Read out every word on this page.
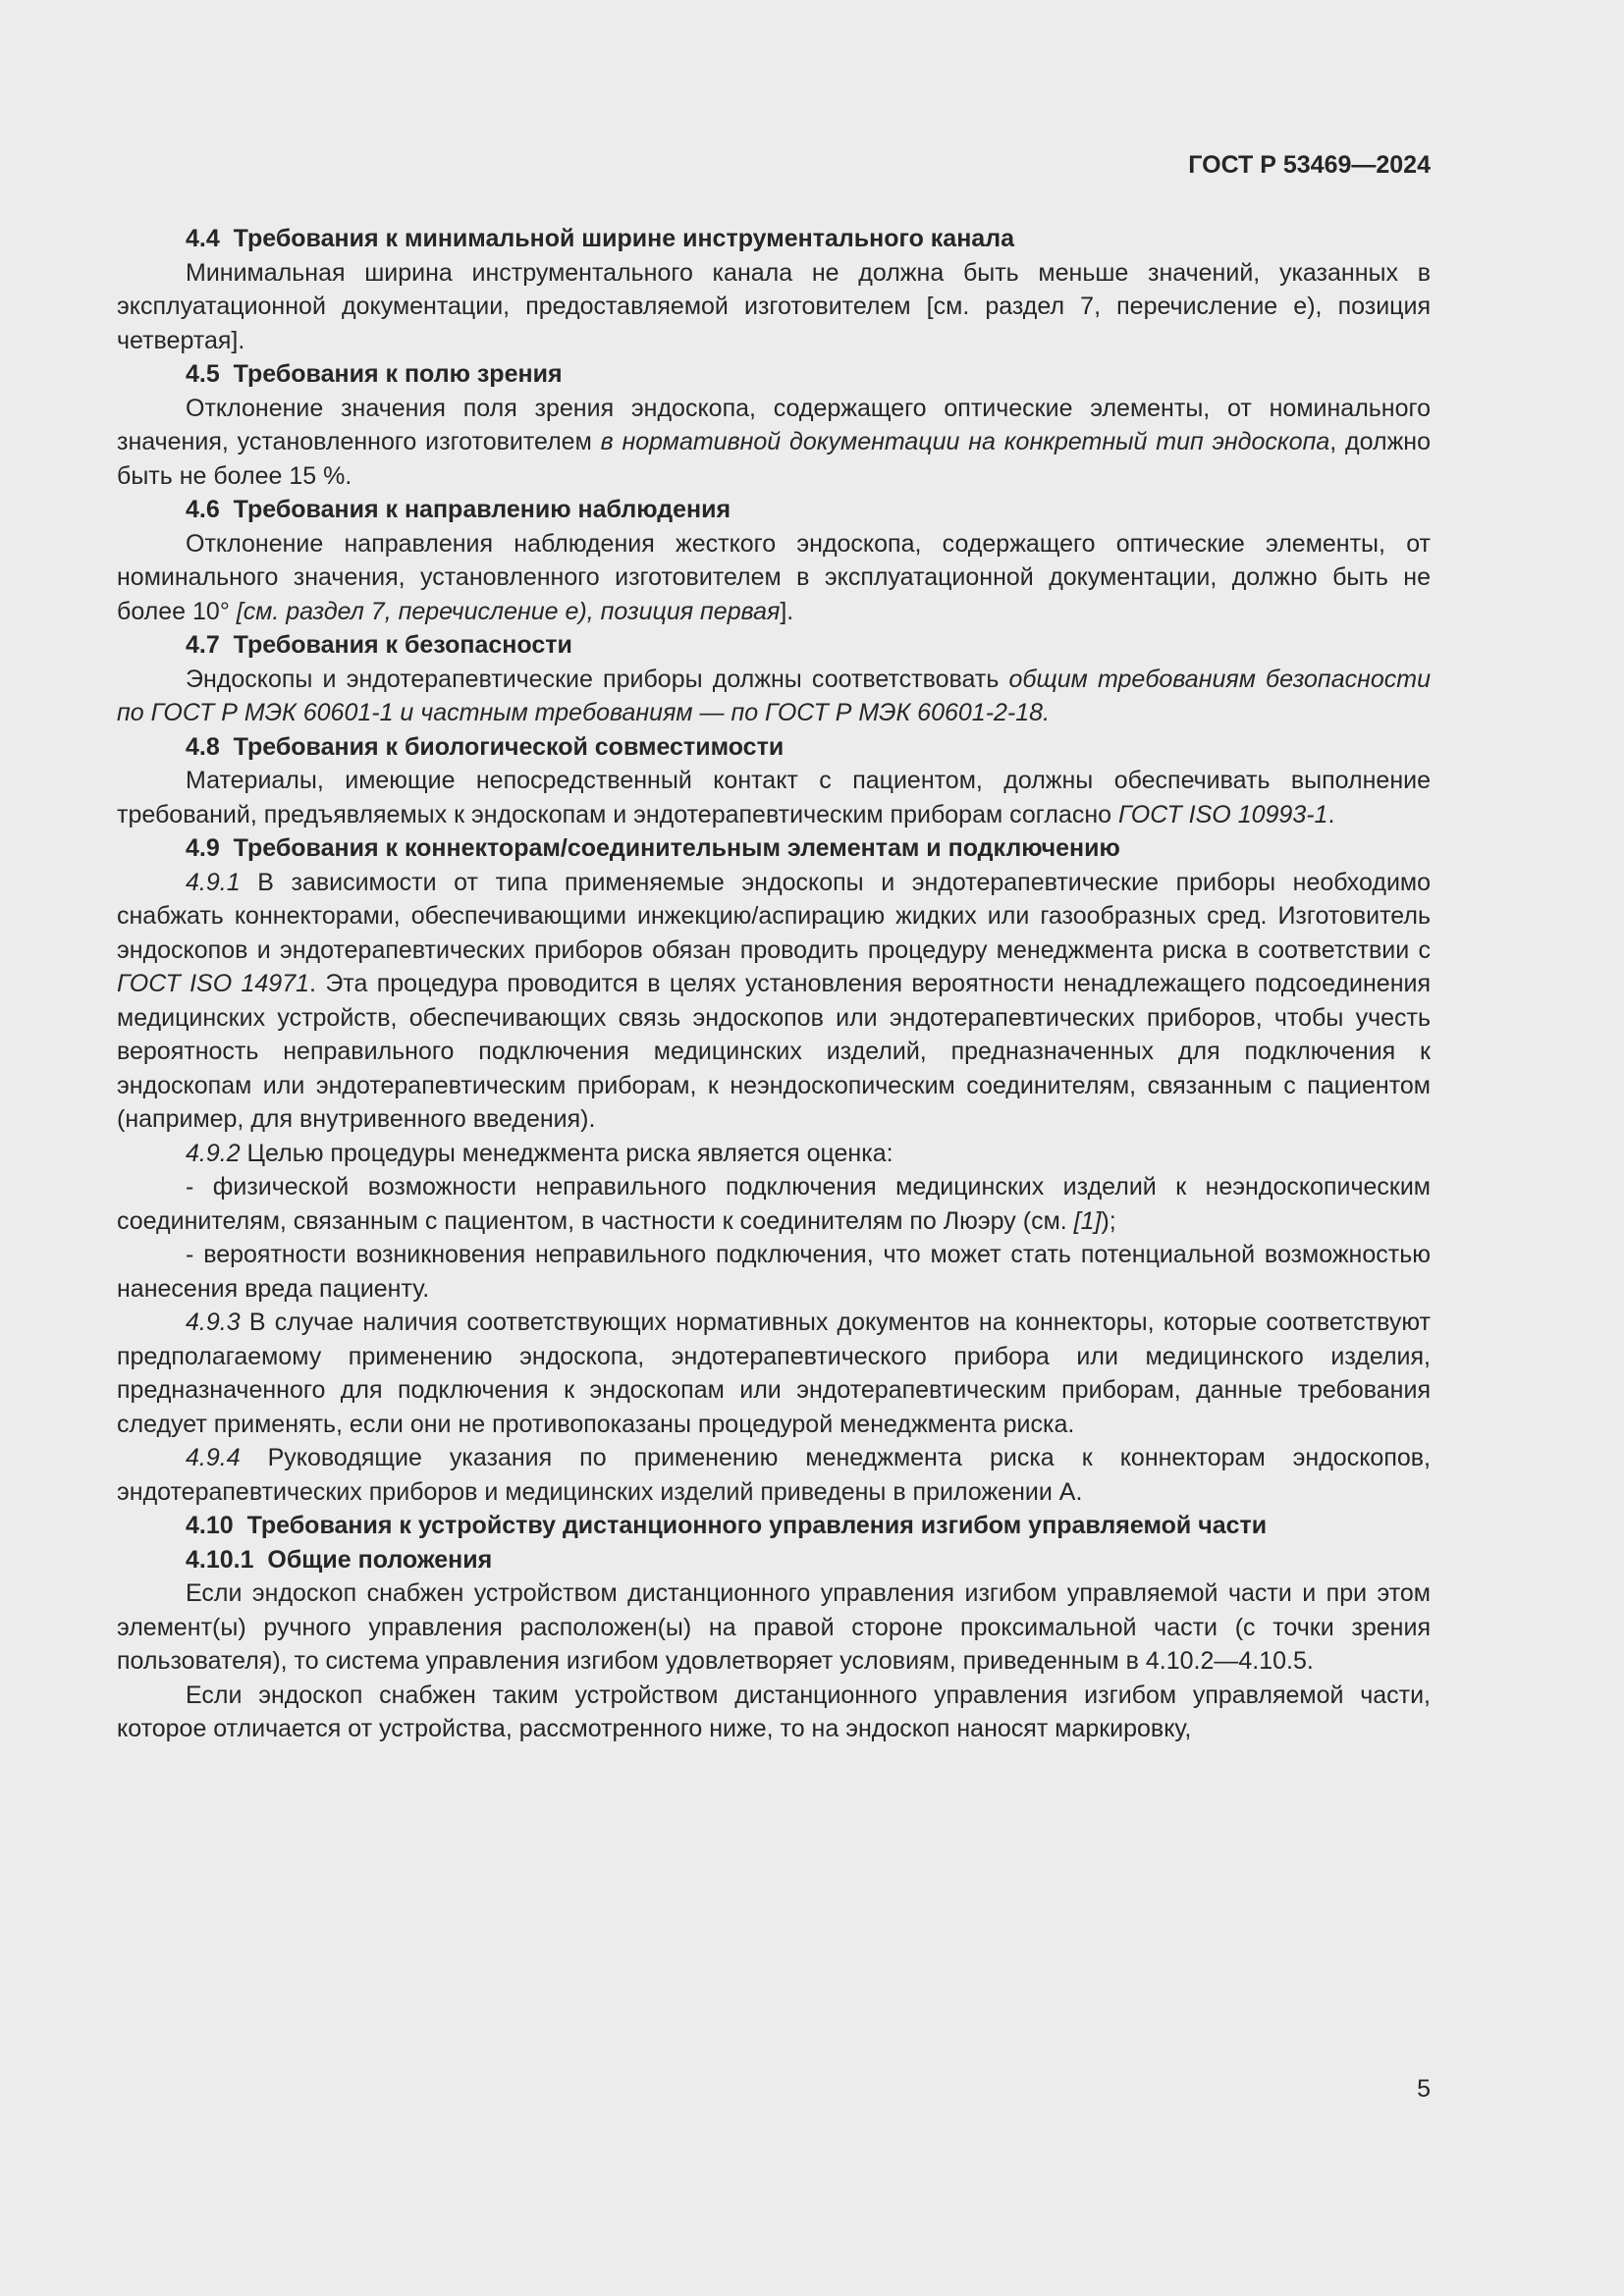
ГОСТ Р 53469—2024

4.4 Требования к минимальной ширине инструментального канала

Минимальная ширина инструментального канала не должна быть меньше значений, указанных в эксплуатационной документации, предоставляемой изготовителем [см. раздел 7, перечисление е), позиция четвертая].

4.5 Требования к полю зрения

Отклонение значения поля зрения эндоскопа, содержащего оптические элементы, от номинального значения, установленного изготовителем в нормативной документации на конкретный тип эндоскопа, должно быть не более 15 %.

4.6 Требования к направлению наблюдения

Отклонение направления наблюдения жесткого эндоскопа, содержащего оптические элементы, от номинального значения, установленного изготовителем в эксплуатационной документации, должно быть не более 10° [см. раздел 7, перечисление е), позиция первая].

4.7 Требования к безопасности

Эндоскопы и эндотерапевтические приборы должны соответствовать общим требованиям безопасности по ГОСТ Р МЭК 60601-1 и частным требованиям — по ГОСТ Р МЭК 60601-2-18.

4.8 Требования к биологической совместимости

Материалы, имеющие непосредственный контакт с пациентом, должны обеспечивать выполнение требований, предъявляемых к эндоскопам и эндотерапевтическим приборам согласно ГОСТ ISO 10993-1.

4.9 Требования к коннекторам/соединительным элементам и подключению

4.9.1 В зависимости от типа применяемые эндоскопы и эндотерапевтические приборы необходимо снабжать коннекторами, обеспечивающими инжекцию/аспирацию жидких или газообразных сред. Изготовитель эндоскопов и эндотерапевтических приборов обязан проводить процедуру менеджмента риска в соответствии с ГОСТ ISO 14971. Эта процедура проводится в целях установления вероятности ненадлежащего подсоединения медицинских устройств, обеспечивающих связь эндоскопов или эндотерапевтических приборов, чтобы учесть вероятность неправильного подключения медицинских изделий, предназначенных для подключения к эндоскопам или эндотерапевтическим приборам, к неэндоскопическим соединителям, связанным с пациентом (например, для внутривенного введения).

4.9.2 Целью процедуры менеджмента риска является оценка:

- физической возможности неправильного подключения медицинских изделий к неэндоскопическим соединителям, связанным с пациентом, в частности к соединителям по Люэру (см. [1]);

- вероятности возникновения неправильного подключения, что может стать потенциальной возможностью нанесения вреда пациенту.

4.9.3 В случае наличия соответствующих нормативных документов на коннекторы, которые соответствуют предполагаемому применению эндоскопа, эндотерапевтического прибора или медицинского изделия, предназначенного для подключения к эндоскопам или эндотерапевтическим приборам, данные требования следует применять, если они не противопоказаны процедурой менеджмента риска.

4.9.4 Руководящие указания по применению менеджмента риска к коннекторам эндоскопов, эндотерапевтических приборов и медицинских изделий приведены в приложении А.

4.10 Требования к устройству дистанционного управления изгибом управляемой части

4.10.1 Общие положения

Если эндоскоп снабжен устройством дистанционного управления изгибом управляемой части и при этом элемент(ы) ручного управления расположен(ы) на правой стороне проксимальной части (с точки зрения пользователя), то система управления изгибом удовлетворяет условиям, приведенным в 4.10.2—4.10.5.

Если эндоскоп снабжен таким устройством дистанционного управления изгибом управляемой части, которое отличается от устройства, рассмотренного ниже, то на эндоскоп наносят маркировку,

5
